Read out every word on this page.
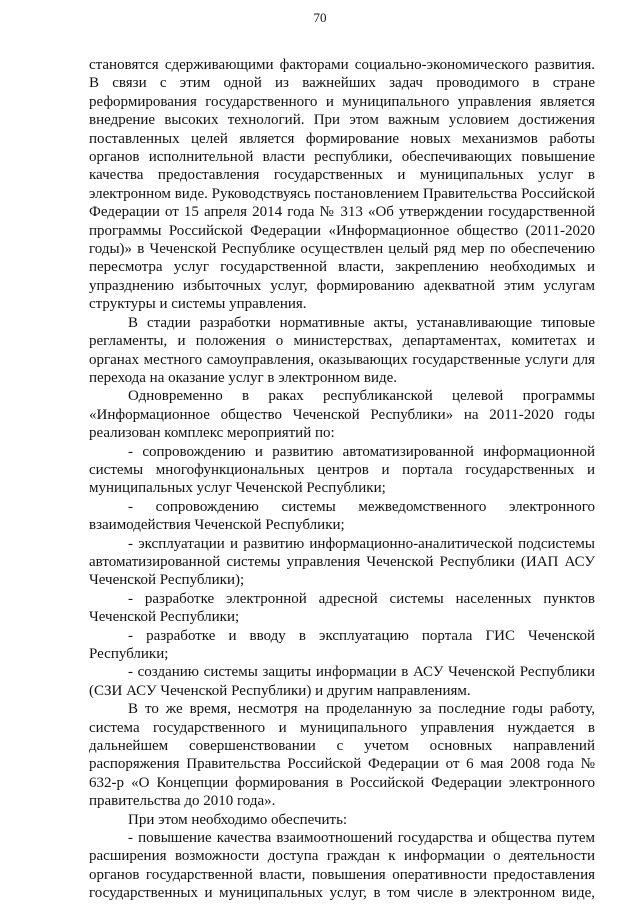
70

становятся сдерживающими факторами социально-экономического развития. В связи с этим одной из важнейших задач проводимого в стране реформирования государственного и муниципального управления является внедрение высоких технологий. При этом важным условием достижения поставленных целей является формирование новых механизмов работы органов исполнительной власти республики, обеспечивающих повышение качества предоставления государственных и муниципальных услуг в электронном виде. Руководствуясь постановлением Правительства Российской Федерации от 15 апреля 2014 года № 313 «Об утверждении государственной программы Российской Федерации «Информационное общество (2011-2020 годы)» в Чеченской Республике осуществлен целый ряд мер по обеспечению пересмотра услуг государственной власти, закреплению необходимых и упразднению избыточных услуг, формированию адекватной этим услугам структуры и системы управления.

В стадии разработки нормативные акты, устанавливающие типовые регламенты, и положения о министерствах, департаментах, комитетах и органах местного самоуправления, оказывающих государственные услуги для перехода на оказание услуг в электронном виде.

Одновременно в раках республиканской целевой программы «Информационное общество Чеченской Республики» на 2011-2020 годы реализован комплекс мероприятий по:

- сопровождению и развитию автоматизированной информационной системы многофункциональных центров и портала государственных и муниципальных услуг Чеченской Республики;

- сопровождению системы межведомственного электронного взаимодействия Чеченской Республики;

- эксплуатации и развитию информационно-аналитической подсистемы автоматизированной системы управления Чеченской Республики (ИАП АСУ Чеченской Республики);

- разработке электронной адресной системы населенных пунктов Чеченской Республики;

- разработке и вводу в эксплуатацию портала ГИС Чеченской Республики;

- созданию системы защиты информации в АСУ Чеченской Республики (СЗИ АСУ Чеченской Республики) и другим направлениям.

В то же время, несмотря на проделанную за последние годы работу, система государственного и муниципального управления нуждается в дальнейшем совершенствовании с учетом основных направлений распоряжения Правительства Российской Федерации от 6 мая 2008 года № 632-р «О Концепции формирования в Российской Федерации электронного правительства до 2010 года».

При этом необходимо обеспечить:

- повышение качества взаимоотношений государства и общества путем расширения возможности доступа граждан к информации о деятельности органов государственной власти, повышения оперативности предоставления государственных и муниципальных услуг, в том числе в электронном виде,
